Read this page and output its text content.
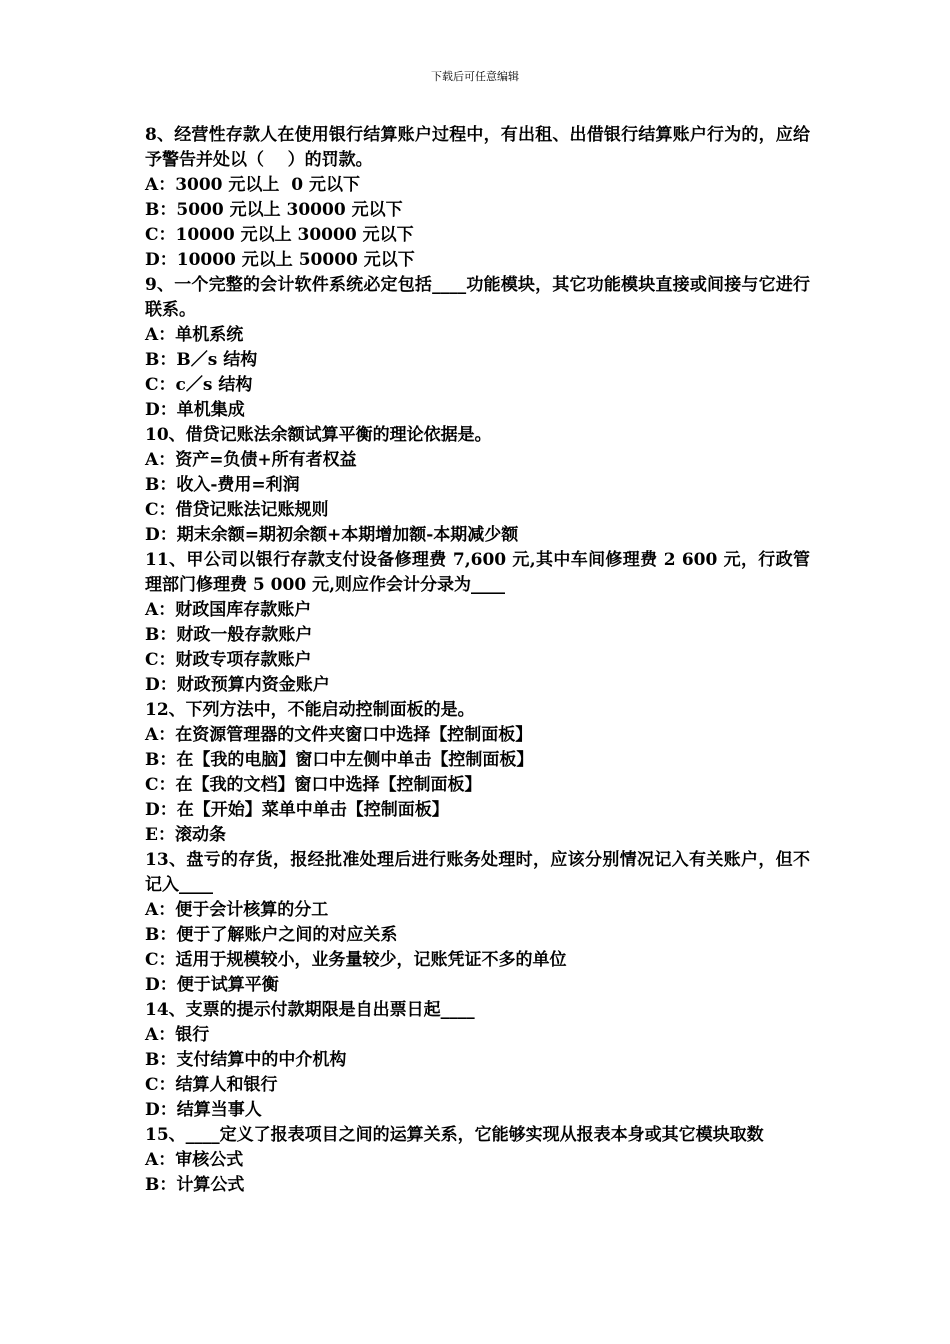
下载后可任意编辑
8、经营性存款人在使用银行结算账户过程中，有出租、出借银行结算账户行为的，应给予警告并处以（    ）的罚款。
A：3000 元以上  0 元以下
B：5000 元以上 30000 元以下
C：10000 元以上 30000 元以下
D：10000 元以上 50000 元以下
9、一个完整的会计软件系统必定包括____功能模块，其它功能模块直接或间接与它进行联系。
A：单机系统
B：B／s 结构
C：c／s 结构
D：单机集成
10、借贷记账法余额试算平衡的理论依据是。
A：资产=负债+所有者权益
B：收入-费用=利润
C：借贷记账法记账规则
D：期末余额=期初余额+本期增加额-本期减少额
11、甲公司以银行存款支付设备修理费 7,600 元,其中车间修理费 2 600 元，行政管理部门修理费 5 000 元,则应作会计分录为____
A：财政国库存款账户
B：财政一般存款账户
C：财政专项存款账户
D：财政预算内资金账户
12、下列方法中，不能启动控制面板的是。
A：在资源管理器的文件夹窗口中选择【控制面板】
B：在【我的电脑】窗口中左侧中单击【控制面板】
C：在【我的文档】窗口中选择【控制面板】
D：在【开始】菜单中单击【控制面板】
E：滚动条
13、盘亏的存货，报经批准处理后进行账务处理时，应该分别情况记入有关账户，但不记入____
A：便于会计核算的分工
B：便于了解账户之间的对应关系
C：适用于规模较小，业务量较少，记账凭证不多的单位
D：便于试算平衡
14、支票的提示付款期限是自出票日起____
A：银行
B：支付结算中的中介机构
C：结算人和银行
D：结算当事人
15、____定义了报表项目之间的运算关系，它能够实现从报表本身或其它模块取数
A：审核公式
B：计算公式
